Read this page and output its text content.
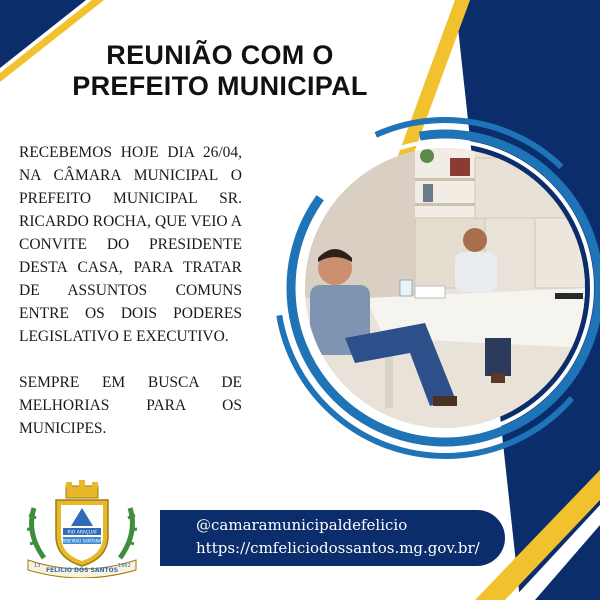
REUNIÃO COM O
PREFEITO MUNICIPAL

RECEBEMOS HOJE DIA 26/04, NA CÂMARA MUNICIPAL O PREFEITO MUNICIPAL SR. RICARDO ROCHA, QUE VEIO A CONVITE DO PRESIDENTE DESTA CASA, PARA TRATAR DE ASSUNTOS COMUNS ENTRE OS DOIS PODERES LEGISLATIVO E EXECUTIVO.

SEMPRE EM BUSCA DE MELHORIAS PARA OS MUNICIPES.

RIO ARAÇUAÍ
RIBEIRÃO SANTANA
FELICIO DOS SANTOS
13	1962
@camaramunicipaldefelicio
https://cmfeliciodossantos.mg.gov.br/
